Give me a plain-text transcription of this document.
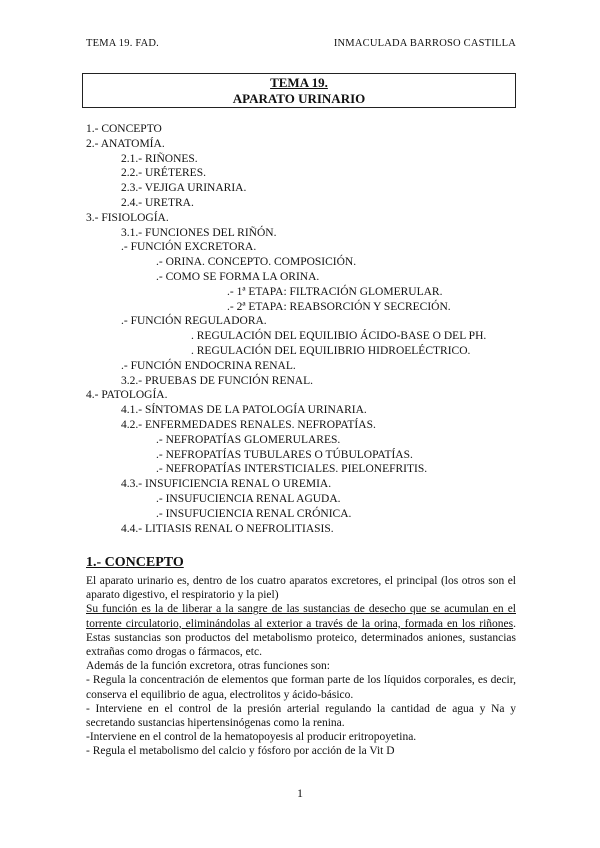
TEMA 19. FAD.	INMACULADA BARROSO CASTILLA
TEMA 19.
APARATO URINARIO
1.- CONCEPTO
2.- ANATOMÍA.
2.1.- RIÑONES.
2.2.- URÉTERES.
2.3.- VEJIGA URINARIA.
2.4.- URETRA.
3.- FISIOLOGÍA.
3.1.- FUNCIONES DEL RIÑÓN.
.- FUNCIÓN EXCRETORA.
.- ORINA. CONCEPTO. COMPOSICIÓN.
.- COMO SE FORMA LA ORINA.
.- 1ª ETAPA: FILTRACIÓN GLOMERULAR.
.- 2ª ETAPA: REABSORCIÓN Y SECRECIÓN.
.- FUNCIÓN REGULADORA.
. REGULACIÓN DEL EQUILIBIO ÁCIDO-BASE O DEL PH.
. REGULACIÓN DEL EQUILIBRIO HIDROELÉCTRICO.
.- FUNCIÓN ENDOCRINA RENAL.
3.2.- PRUEBAS DE FUNCIÓN RENAL.
4.- PATOLOGÍA.
4.1.- SÍNTOMAS DE LA PATOLOGÍA URINARIA.
4.2.- ENFERMEDADES RENALES. NEFROPATÍAS.
.- NEFROPATÍAS GLOMERULARES.
.- NEFROPATÍAS TUBULARES O TÚBULOPATÍAS.
.- NEFROPATÍAS INTERSTICIALES. PIELONEFRITIS.
4.3.- INSUFICIENCIA RENAL O UREMIA.
.- INSUFUCIENCIA RENAL AGUDA.
.- INSUFUCIENCIA RENAL CRÓNICA.
4.4.- LITIASIS RENAL O NEFROLITIASIS.
1.- CONCEPTO

El aparato urinario es, dentro de los cuatro aparatos excretores, el principal (los otros son el aparato digestivo, el respiratorio y la piel)

Su función es la de liberar a la sangre de las sustancias de desecho que se acumulan en el torrente circulatorio, eliminándolas al exterior a través de la orina, formada en los riñones. Estas sustancias son productos del metabolismo proteico, determinados aniones, sustancias extrañas como drogas o fármacos, etc.

Además de la función excretora, otras funciones son:

- Regula la concentración de elementos que forman parte de los líquidos corporales, es decir, conserva el equilibrio de agua, electrolitos y ácido-básico.

- Interviene en el control de la presión arterial regulando la cantidad de agua y Na y secretando sustancias hipertensinógenas como la renina.

-Interviene en el control de la hematopoyesis al producir eritropoyetina.

- Regula el metabolismo del calcio y fósforo por acción de la Vit D

1
